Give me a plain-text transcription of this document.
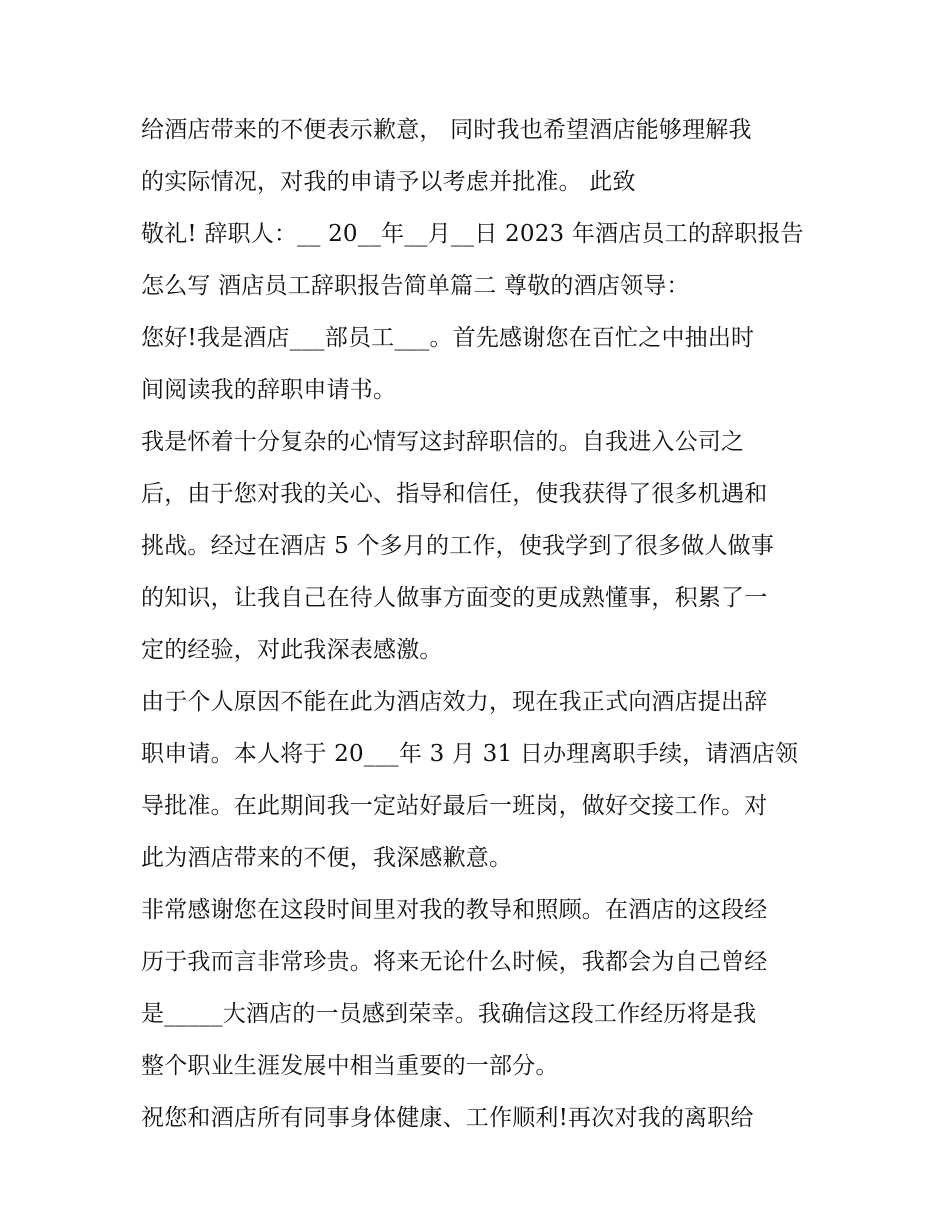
给酒店带来的不便表示歉意， 同时我也希望酒店能够理解我
的实际情况，对我的申请予以考虑并批准。 此致
敬礼! 辞职人：__ 20__年__月__日 2023 年酒店员工的辞职报告
怎么写 酒店员工辞职报告简单篇二 尊敬的酒店领导：
您好!我是酒店___部员工___。首先感谢您在百忙之中抽出时
间阅读我的辞职申请书。
我是怀着十分复杂的心情写这封辞职信的。自我进入公司之
后，由于您对我的关心、指导和信任，使我获得了很多机遇和
挑战。经过在酒店 5 个多月的工作，使我学到了很多做人做事
的知识，让我自己在待人做事方面变的更成熟懂事，积累了一
定的经验，对此我深表感激。
由于个人原因不能在此为酒店效力，现在我正式向酒店提出辞
职申请。本人将于 20___年 3 月 31 日办理离职手续，请酒店领
导批准。在此期间我一定站好最后一班岗，做好交接工作。对
此为酒店带来的不便，我深感歉意。
非常感谢您在这段时间里对我的教导和照顾。在酒店的这段经
历于我而言非常珍贵。将来无论什么时候，我都会为自己曾经
是_____大酒店的一员感到荣幸。我确信这段工作经历将是我
整个职业生涯发展中相当重要的一部分。
祝您和酒店所有同事身体健康、工作顺利!再次对我的离职给
